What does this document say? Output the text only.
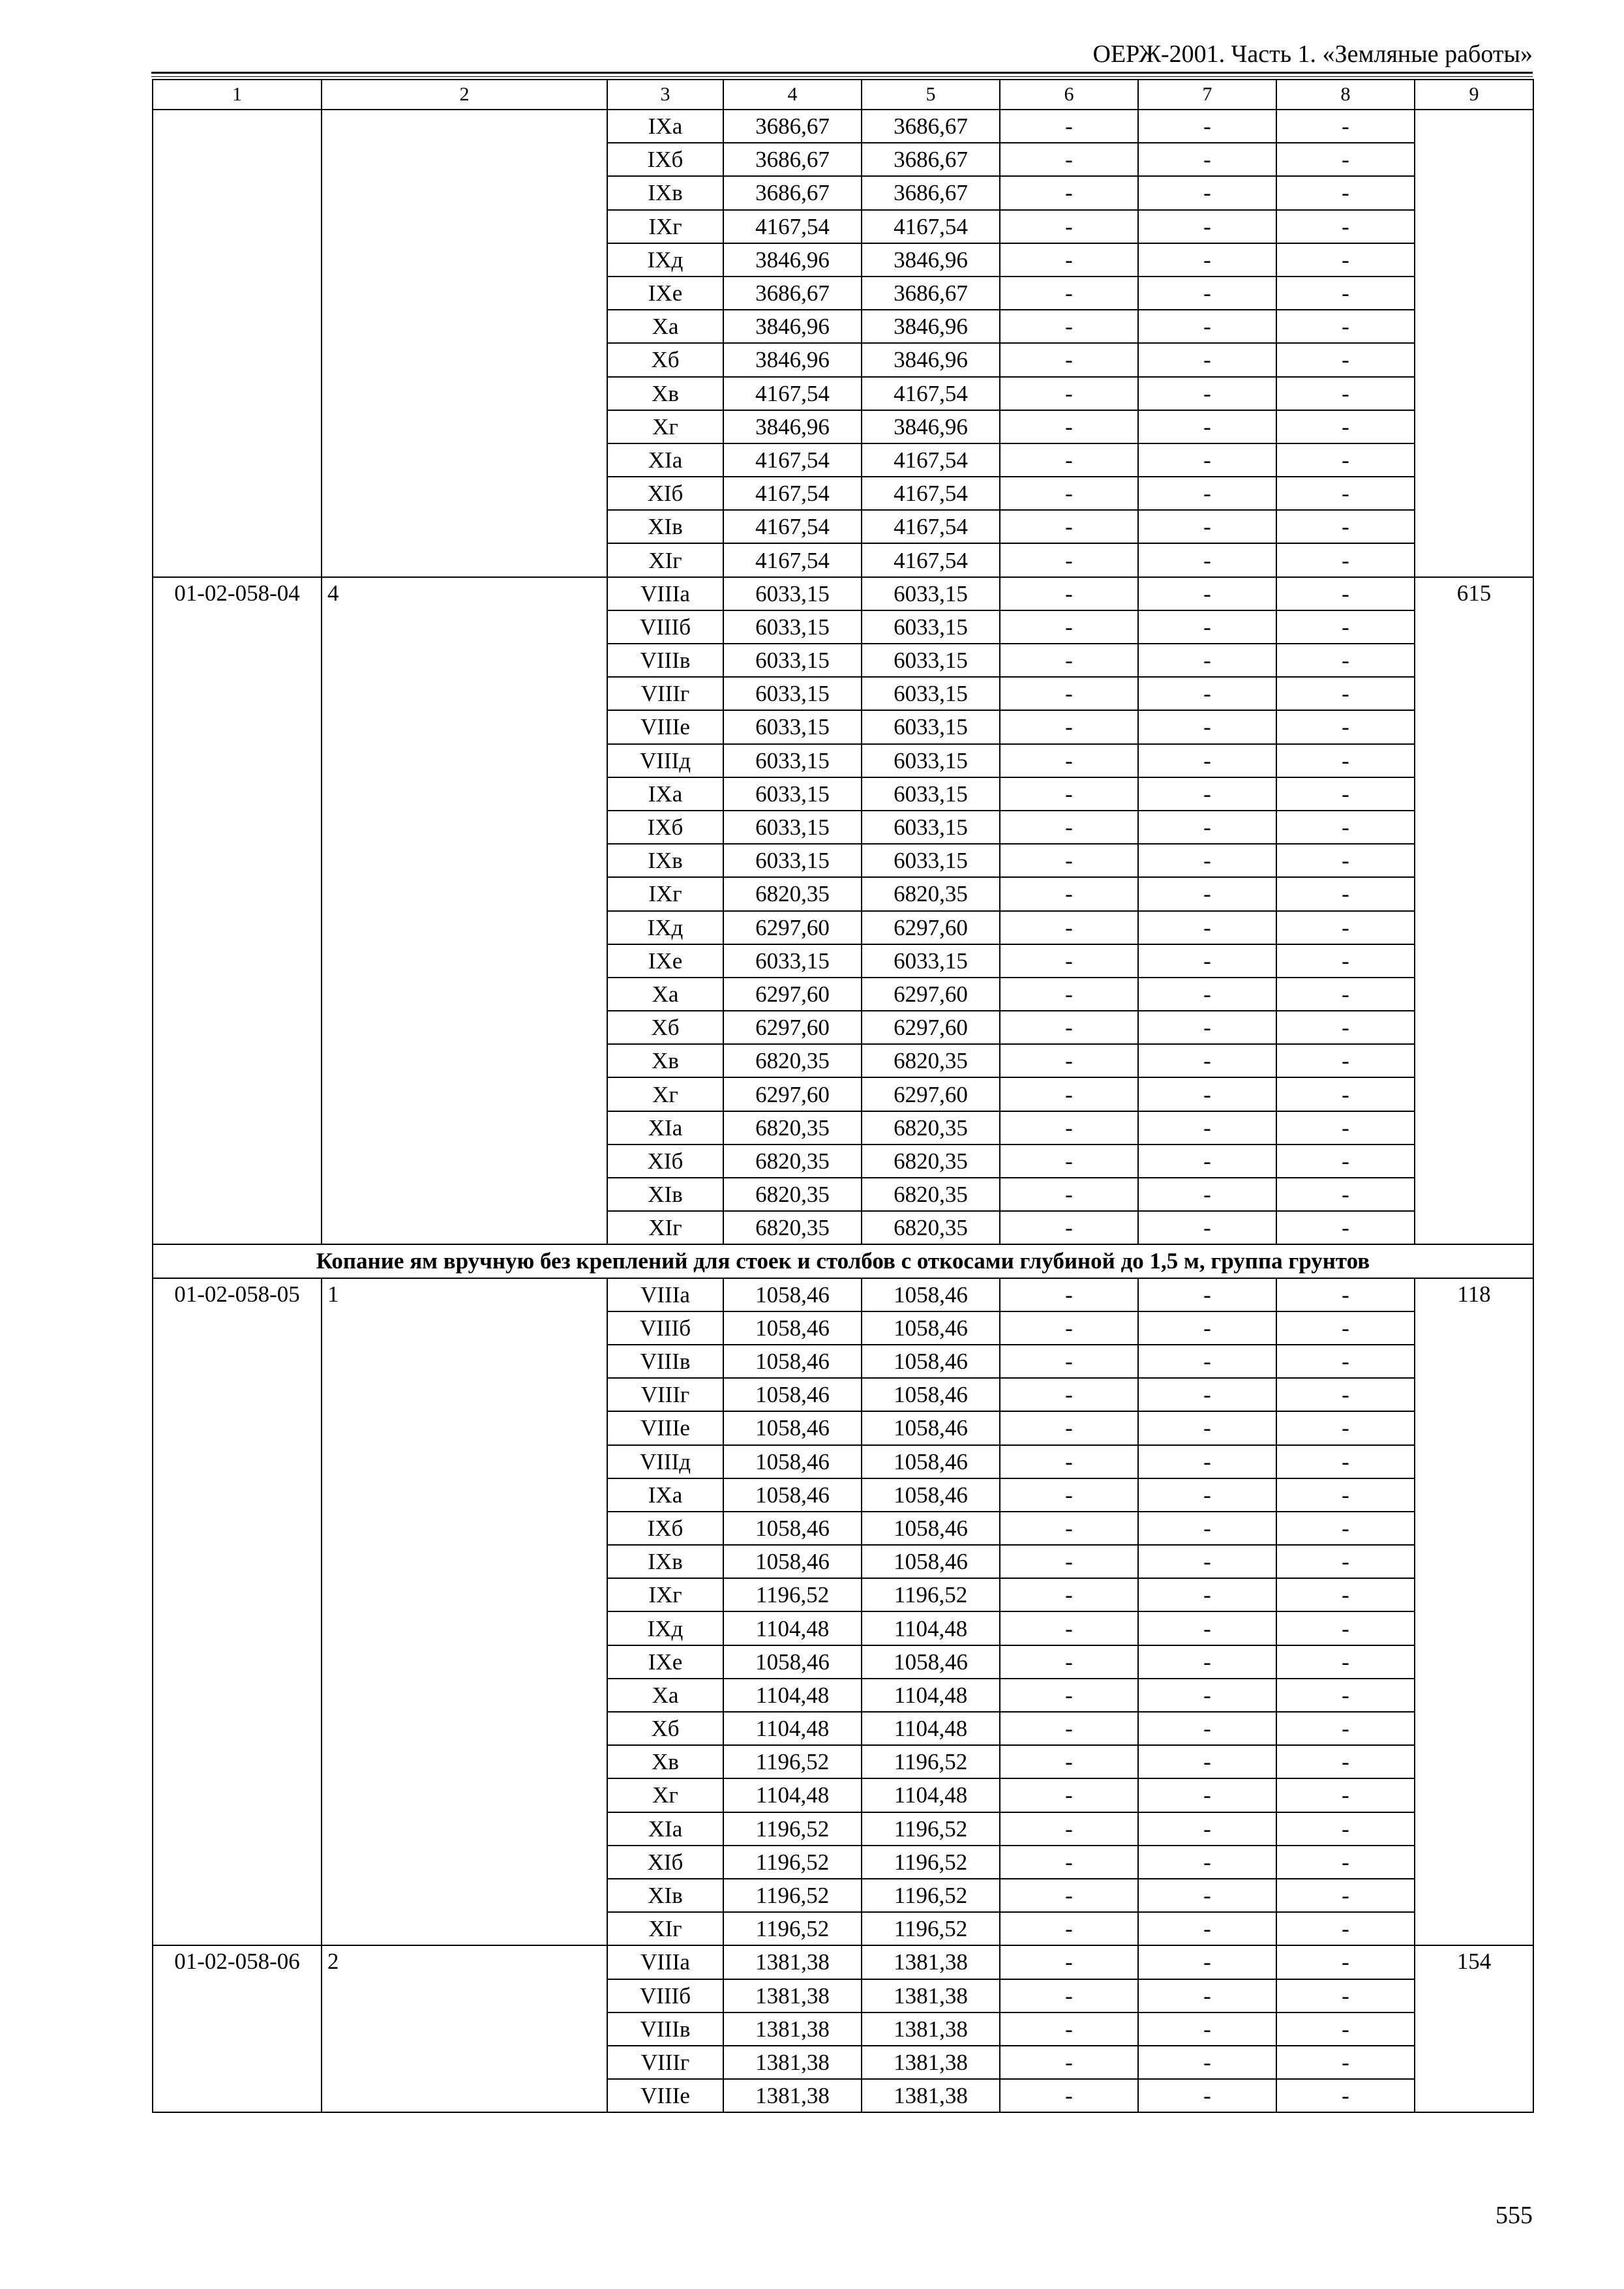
ОЕРЖ-2001. Часть 1. «Земляные работы»
1	2	3	4	5	6	7	8	9
		IXа	3686,67	3686,67	-	-	-	
		IXб	3686,67	3686,67	-	-	-	
		IXв	3686,67	3686,67	-	-	-	
		IXг	4167,54	4167,54	-	-	-	
		IXд	3846,96	3846,96	-	-	-	
		IXе	3686,67	3686,67	-	-	-	
		Xа	3846,96	3846,96	-	-	-	
		Xб	3846,96	3846,96	-	-	-	
		Xв	4167,54	4167,54	-	-	-	
		Xг	3846,96	3846,96	-	-	-	
		XIа	4167,54	4167,54	-	-	-	
		XIб	4167,54	4167,54	-	-	-	
		XIв	4167,54	4167,54	-	-	-	
		XIг	4167,54	4167,54	-	-	-	
01-02-058-04	4	VIIIа	6033,15	6033,15	-	-	-	615
		VIIIб	6033,15	6033,15	-	-	-	
		VIIIв	6033,15	6033,15	-	-	-	
		VIIIг	6033,15	6033,15	-	-	-	
		VIIIе	6033,15	6033,15	-	-	-	
		VIIIд	6033,15	6033,15	-	-	-	
		IXа	6033,15	6033,15	-	-	-	
		IXб	6033,15	6033,15	-	-	-	
		IXв	6033,15	6033,15	-	-	-	
		IXг	6820,35	6820,35	-	-	-	
		IXд	6297,60	6297,60	-	-	-	
		IXе	6033,15	6033,15	-	-	-	
		Xа	6297,60	6297,60	-	-	-	
		Xб	6297,60	6297,60	-	-	-	
		Xв	6820,35	6820,35	-	-	-	
		Xг	6297,60	6297,60	-	-	-	
		XIа	6820,35	6820,35	-	-	-	
		XIб	6820,35	6820,35	-	-	-	
		XIв	6820,35	6820,35	-	-	-	
		XIг	6820,35	6820,35	-	-	-	
Копание ям вручную без креплений для стоек и столбов с откосами глубиной до 1,5 м, группа грунтов								
01-02-058-05	1	VIIIа	1058,46	1058,46	-	-	-	118
		VIIIб	1058,46	1058,46	-	-	-	
		VIIIв	1058,46	1058,46	-	-	-	
		VIIIг	1058,46	1058,46	-	-	-	
		VIIIе	1058,46	1058,46	-	-	-	
		VIIIд	1058,46	1058,46	-	-	-	
		IXа	1058,46	1058,46	-	-	-	
		IXб	1058,46	1058,46	-	-	-	
		IXв	1058,46	1058,46	-	-	-	
		IXг	1196,52	1196,52	-	-	-	
		IXд	1104,48	1104,48	-	-	-	
		IXе	1058,46	1058,46	-	-	-	
		Xа	1104,48	1104,48	-	-	-	
		Xб	1104,48	1104,48	-	-	-	
		Xв	1196,52	1196,52	-	-	-	
		Xг	1104,48	1104,48	-	-	-	
		XIа	1196,52	1196,52	-	-	-	
		XIб	1196,52	1196,52	-	-	-	
		XIв	1196,52	1196,52	-	-	-	
		XIг	1196,52	1196,52	-	-	-	
01-02-058-06	2	VIIIа	1381,38	1381,38	-	-	-	154
		VIIIб	1381,38	1381,38	-	-	-	
		VIIIв	1381,38	1381,38	-	-	-	
		VIIIг	1381,38	1381,38	-	-	-	
		VIIIе	1381,38	1381,38	-	-	-	
555
